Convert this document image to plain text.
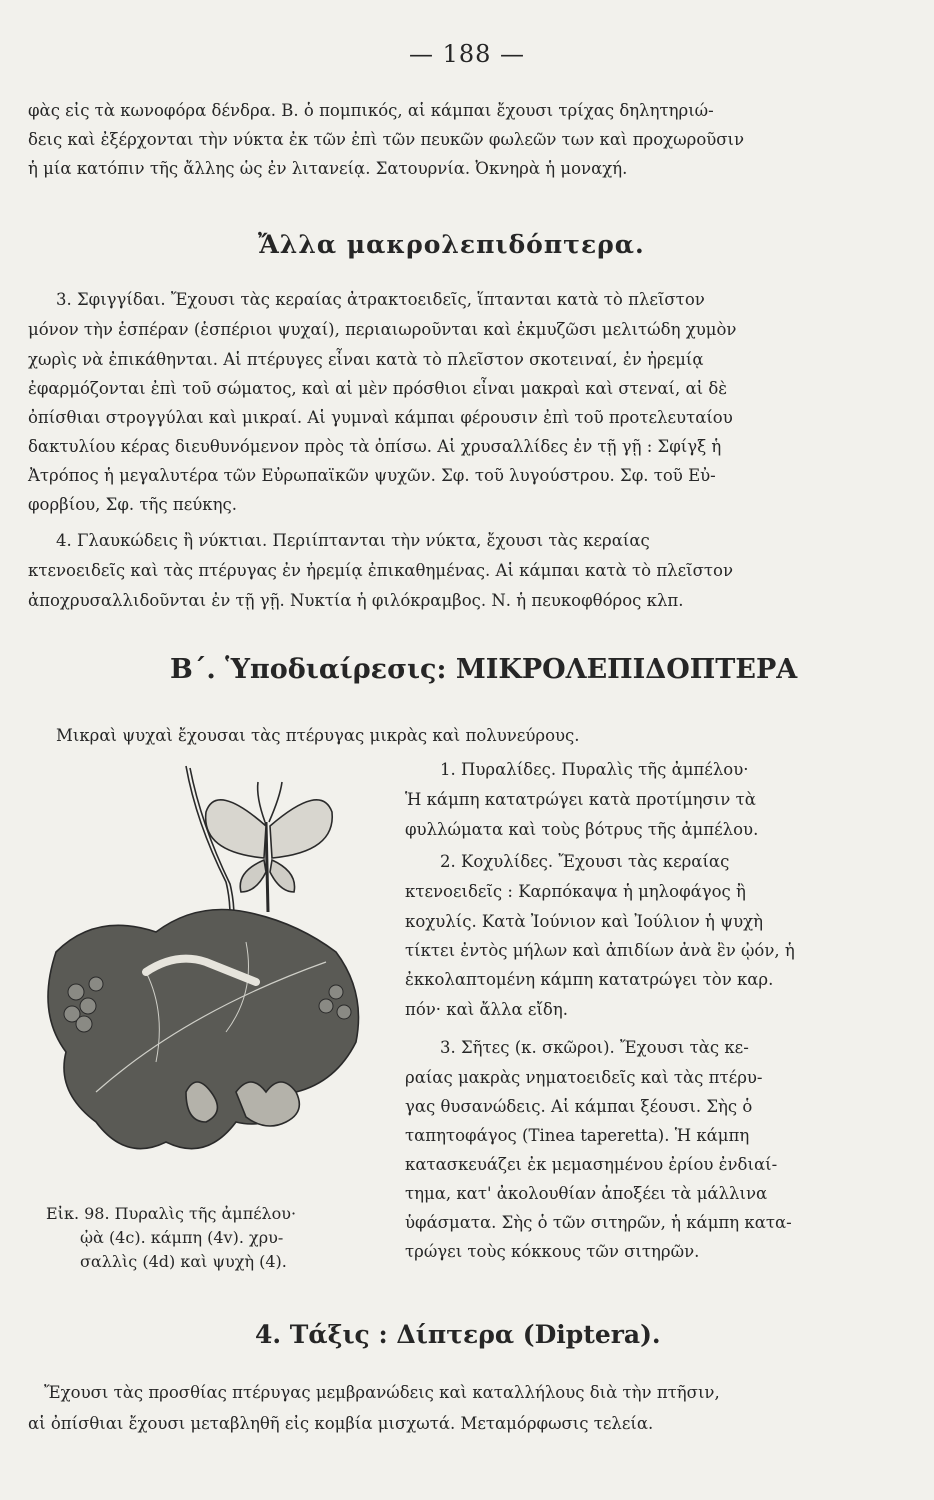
— 188 —

φὰς εἰς τὰ κωνοφόρα δένδρα. Β. ὁ πομπικός, αἱ κάμπαι ἔχουσι τρίχας δηλητηριώ-

δεις καὶ ἐξέρχονται τὴν νύκτα ἐκ τῶν ἐπὶ τῶν πευκῶν φωλεῶν των καὶ προχωροῦσιν

ἡ μία κατόπιν τῆς ἄλλης ὡς ἐν λιτανείᾳ. Σατουρνία. Ὀκνηρὰ ἡ μοναχή.

Ἄλλα μακρολεπιδόπτερα.

3. Σφιγγίδαι. Ἔχουσι τὰς κεραίας ἀτρακτοειδεῖς, ἵπτανται κατὰ τὸ πλεῖστον

μόνον τὴν ἑσπέραν (ἑσπέριοι ψυχαί), περιαιωροῦνται καὶ ἐκμυζῶσι μελιτώδη χυμὸν

χωρὶς νὰ ἐπικάθηνται. Αἱ πτέρυγες εἶναι κατὰ τὸ πλεῖστον σκοτειναί, ἐν ἠρεμίᾳ

ἐφαρμόζονται ἐπὶ τοῦ σώματος, καὶ αἱ μὲν πρόσθιοι εἶναι μακραὶ καὶ στεναί, αἱ δὲ

ὀπίσθιαι στρογγύλαι καὶ μικραί. Αἱ γυμναὶ κάμπαι φέρουσιν ἐπὶ τοῦ προτελευταίου

δακτυλίου κέρας διευθυνόμενον πρὸς τὰ ὀπίσω. Αἱ χρυσαλλίδες ἐν τῇ γῇ : Σφίγξ ἡ

Ἀτρόπος ἡ μεγαλυτέρα τῶν Εὐρωπαϊκῶν ψυχῶν. Σφ. τοῦ λυγούστρου. Σφ. τοῦ Εὐ-

φορβίου, Σφ. τῆς πεύκης.

4. Γλαυκώδεις ἢ νύκτιαι. Περιίπτανται τὴν νύκτα, ἔχουσι τὰς κεραίας

κτενοειδεῖς καὶ τὰς πτέρυγας ἐν ἠρεμίᾳ ἐπικαθημένας. Αἱ κάμπαι κατὰ τὸ πλεῖστον

ἀποχρυσαλλιδοῦνται ἐν τῇ γῇ. Νυκτία ἡ φιλόκραμβος. Ν. ἡ πευκοφθόρος κλπ.

Β΄. Ὑποδιαίρεσις: ΜΙΚΡΟΛΕΠΙΔΟΠΤΕΡΑ

Μικραὶ ψυχαὶ ἔχουσαι τὰς πτέρυγας μικρὰς καὶ πολυνεύρους.

1. Πυραλίδες. Πυραλὶς τῆς ἀμπέλου·

Ἡ κάμπη κατατρώγει κατὰ προτίμησιν τὰ

φυλλώματα καὶ τοὺς βότρυς τῆς ἀμπέλου.

2. Κοχυλίδες. Ἔχουσι τὰς κεραίας

κτενοειδεῖς : Καρπόκαψα ἡ μηλοφάγος ἢ

κοχυλίς. Κατὰ Ἰούνιον καὶ Ἰούλιον ἡ ψυχὴ

τίκτει ἐντὸς μήλων καὶ ἀπιδίων ἀνὰ ἓν ᾠόν, ἡ

ἐκκολαπτομένη κάμπη κατατρώγει τὸν καρ.

πόν· καὶ ἄλλα εἴδη.

3. Σῆτες (κ. σκῶροι). Ἔχουσι τὰς κε-

ραίας μακρὰς νηματοειδεῖς καὶ τὰς πτέρυ-

γας θυσανώδεις. Αἱ κάμπαι ξέουσι. Σὴς ὁ

ταπητοφάγος (Tinea taperetta). Ἡ κάμπη

κατασκευάζει ἐκ μεμασημένου ἐρίου ἐνδιαί-

τημα, κατ' ἀκολουθίαν ἀποξέει τὰ μάλλινα

ὑφάσματα. Σὴς ὁ τῶν σιτηρῶν, ἡ κάμπη κατα-

τρώγει τοὺς κόκκους τῶν σιτηρῶν.

Εἰκ. 98. Πυραλὶς τῆς ἀμπέλου·

ᾠὰ (4c). κάμπη (4v). χρυ-

σαλλὶς (4d) καὶ ψυχὴ (4).

4. Τάξις : Δίπτερα (Diptera).

Ἔχουσι τὰς προσθίας πτέρυγας μεμβρανώδεις καὶ καταλλήλους διὰ τὴν πτῆσιν,

αἱ ὀπίσθιαι ἔχουσι μεταβληθῆ εἰς κομβία μισχωτά. Μεταμόρφωσις τελεία.
